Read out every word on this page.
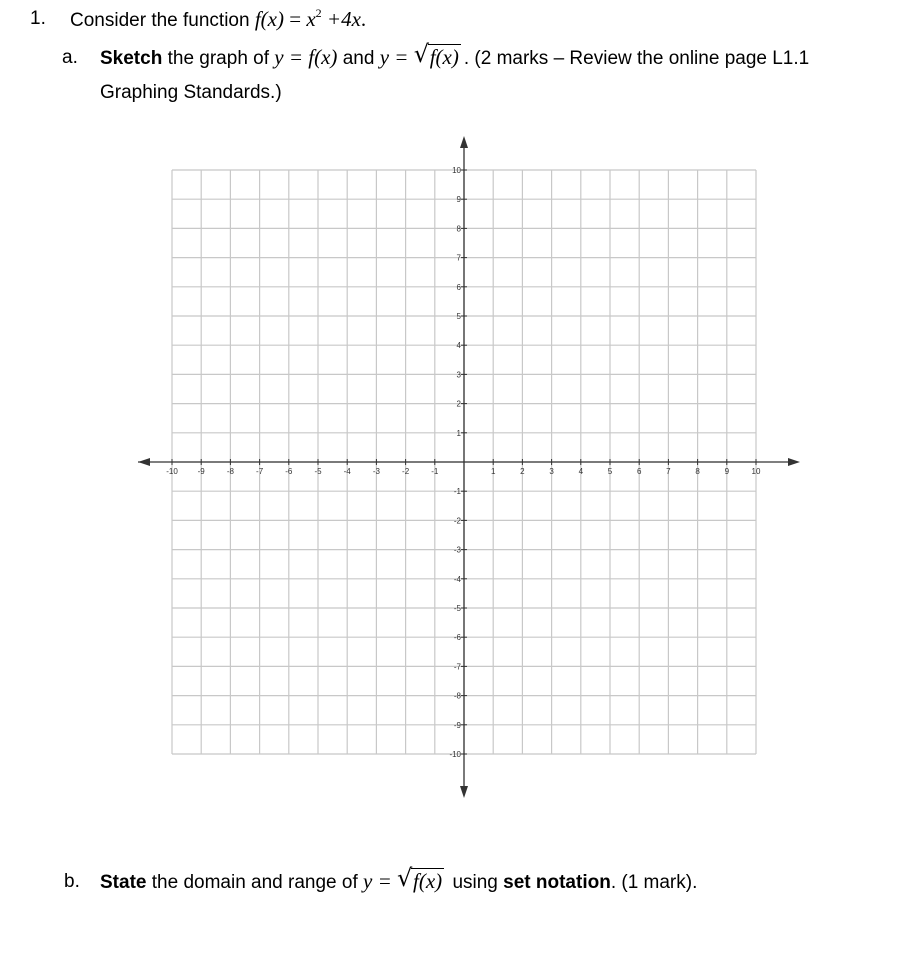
1. Consider the function $f(x) = x^2 +4x$.
a. Sketch the graph of y = f(x) and y = √ f(x) . (2 marks – Review the online page L1.1
Graphing Standards.)
-10 -9	-8	-7	-6	-5	-4	-3	-2	-1	1	2	3	4	5	6	7	8	9	10
10
9
8
7
6
5
4
3
2
1
-1
-2
-3
-4
-5
-6
-7
-8
-9
-10
b. State the domain and range of y = √ f(x) using set notation. (1 mark).
